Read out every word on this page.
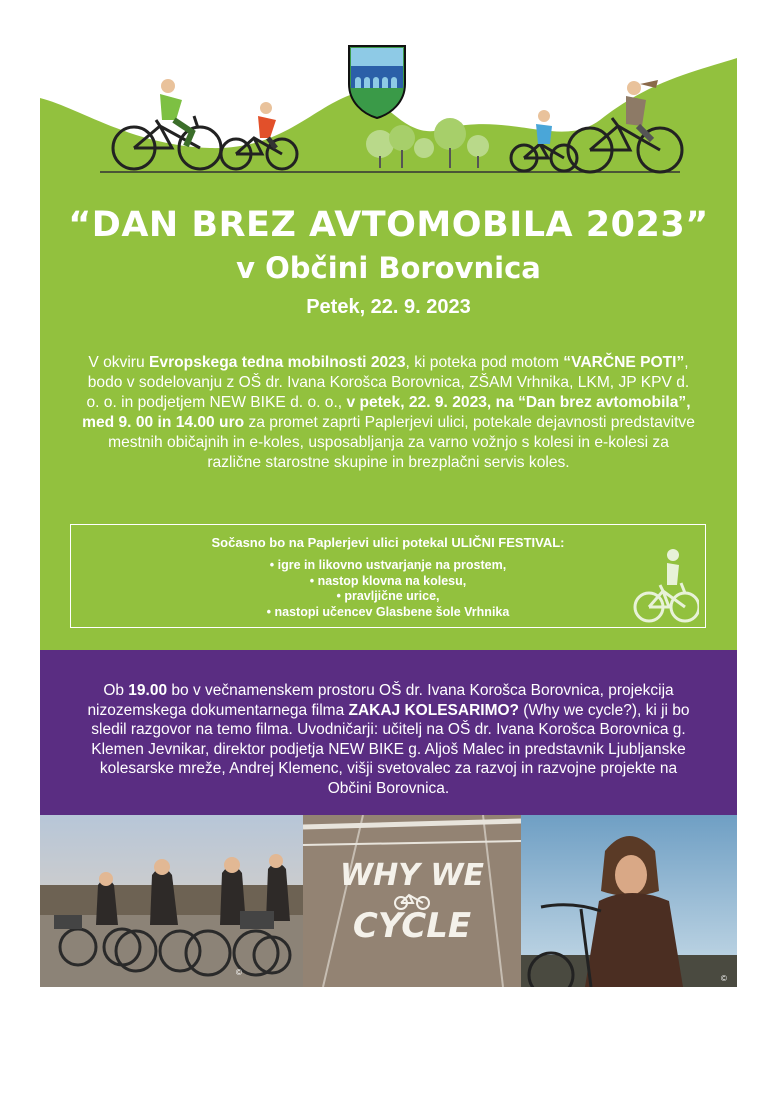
“DAN BREZ AVTOMOBILA 2023”
v Občini Borovnica
Petek, 22. 9. 2023
V okviru Evropskega tedna mobilnosti 2023, ki poteka pod motom “VARČNE POTI”, bodo v sodelovanju z OŠ dr. Ivana Korošca Borovnica, ZŠAM Vrhnika, LKM, JP KPV d. o. o. in podjetjem NEW BIKE d. o. o., v petek, 22. 9. 2023, na “Dan brez avtomobila”, med 9. 00 in 14.00 uro za promet zaprti Paplerjevi ulici, potekale dejavnosti predstavitve mestnih običajnih in e-koles, usposabljanja za varno vožnjo s kolesi in e-kolesi za različne starostne skupine in brezplačni servis koles.
Sočasno bo na Paplerjevi ulici potekal ULIČNI FESTIVAL:
• igre in likovno ustvarjanje na prostem,
• nastop klovna na kolesu,
• pravljične urice,
• nastopi učencev Glasbene šole Vrhnika

Ob 19.00 bo v večnamenskem prostoru OŠ dr. Ivana Korošca Borovnica, projekcija nizozemskega dokumentarnega filma ZAKAJ KOLESARIMO? (Why we cycle?), ki ji bo sledil razgovor na temo filma. Uvodničarji: učitelj na OŠ dr. Ivana Korošca Borovnica g. Klemen Jevnikar, direktor podjetja NEW BIKE g. Aljoš Malec in predstavnik Ljubljanske kolesarske mreže, Andrej Klemenc, višji svetovalec za razvoj in razvojne projekte na Občini Borovnica.

©
WHY WE
CYCLE
©
